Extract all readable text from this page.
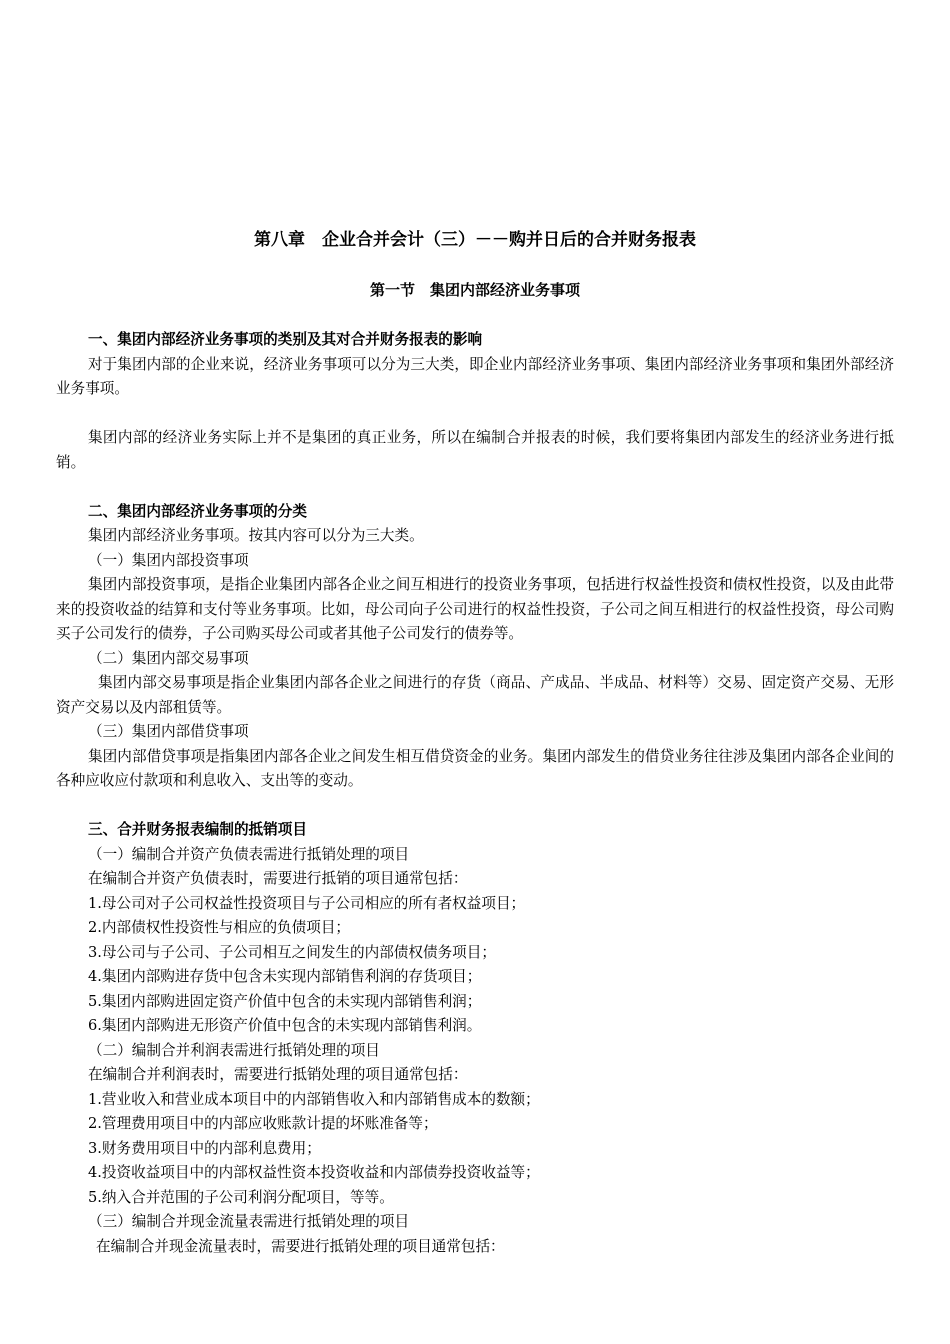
第八章　企业合并会计（三）－－购并日后的合并财务报表
第一节　集团内部经济业务事项

一、集团内部经济业务事项的类别及其对合并财务报表的影响

对于集团内部的企业来说，经济业务事项可以分为三大类，即企业内部经济业务事项、集团内部经济业务事项和集团外部经济业务事项。

集团内部的经济业务实际上并不是集团的真正业务，所以在编制合并报表的时候，我们要将集团内部发生的经济业务进行抵销。

二、集团内部经济业务事项的分类

集团内部经济业务事项。按其内容可以分为三大类。

（一）集团内部投资事项

集团内部投资事项，是指企业集团内部各企业之间互相进行的投资业务事项，包括进行权益性投资和债权性投资，以及由此带来的投资收益的结算和支付等业务事项。比如，母公司向子公司进行的权益性投资，子公司之间互相进行的权益性投资，母公司购买子公司发行的债券，子公司购买母公司或者其他子公司发行的债券等。

（二）集团内部交易事项

集团内部交易事项是指企业集团内部各企业之间进行的存货（商品、产成品、半成品、材料等）交易、固定资产交易、无形资产交易以及内部租赁等。

（三）集团内部借贷事项

集团内部借贷事项是指集团内部各企业之间发生相互借贷资金的业务。集团内部发生的借贷业务往往涉及集团内部各企业间的各种应收应付款项和利息收入、支出等的变动。

三、合并财务报表编制的抵销项目

（一）编制合并资产负债表需进行抵销处理的项目

在编制合并资产负债表时，需要进行抵销的项目通常包括：

1.母公司对子公司权益性投资项目与子公司相应的所有者权益项目；

2.内部债权性投资性与相应的负债项目；

3.母公司与子公司、子公司相互之间发生的内部债权债务项目；

4.集团内部购进存货中包含未实现内部销售利润的存货项目；

5.集团内部购进固定资产价值中包含的未实现内部销售利润；

6.集团内部购进无形资产价值中包含的未实现内部销售利润。

（二）编制合并利润表需进行抵销处理的项目

在编制合并利润表时，需要进行抵销处理的项目通常包括：

1.营业收入和营业成本项目中的内部销售收入和内部销售成本的数额；

2.管理费用项目中的内部应收账款计提的坏账准备等；

3.财务费用项目中的内部利息费用；

4.投资收益项目中的内部权益性资本投资收益和内部债券投资收益等；

5.纳入合并范围的子公司利润分配项目，等等。

（三）编制合并现金流量表需进行抵销处理的项目

在编制合并现金流量表时，需要进行抵销处理的项目通常包括：
